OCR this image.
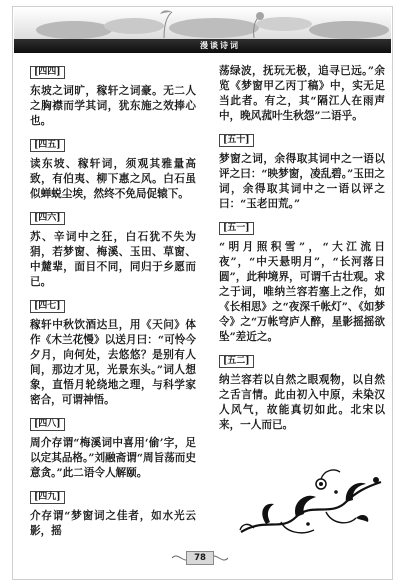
漫谈诗词
[四四]
东坡之词旷，稼轩之词豪。无二人之胸襟而学其词，犹东施之效捧心也。
[四五]
读东坡、稼轩词，须观其雅量高致，有伯夷、柳下惠之风。白石虽似蝉蜕尘埃，然终不免局促辕下。
[四六]
苏、辛词中之狂，白石犹不失为狷，若梦窗、梅溪、玉田、草窗、中麓辈，面目不同，同归于乡愿而已。
[四七]
稼轩中秋饮酒达旦，用《天问》体作《木兰花慢》以送月曰：“可怜今夕月，向何处，去悠悠？是别有人间，那边才见，光景东头。”词人想象，直悟月轮绕地之理，与科学家密合，可谓神悟。
[四八]
周介存谓“梅溪词中喜用‘偷’字，足以定其品格。”刘融斋谓“周旨荡而史意贪。”此二语令人解颐。
[四九]
介存谓“梦窗词之佳者，如水光云影，摇
荡绿波，抚玩无极，追寻已远。”余览《梦窗甲乙丙丁稿》中，实无足当此者。有之，其“隔江人在雨声中，晚风菰叶生秋怨”二语乎。
[五十]
梦窗之词，余得取其词中之一语以评之曰：“映梦窗，凌乱碧。”玉田之词，余得取其词中之一语以评之曰：“玉老田荒。”
[五一]
“明月照积雪”，“大江流日夜”，“中天悬明月”，“长河落日圆”，此种境界，可谓千古壮观。求之于词，唯纳兰容若塞上之作，如《长相思》之“夜深千帐灯”、《如梦令》之“万帐穹庐人醉，星影摇摇欲坠”差近之。
[五二]
纳兰容若以自然之眼观物，以自然之舌言情。此由初入中原，未染汉人风气，故能真切如此。北宋以来，一人而已。
78
